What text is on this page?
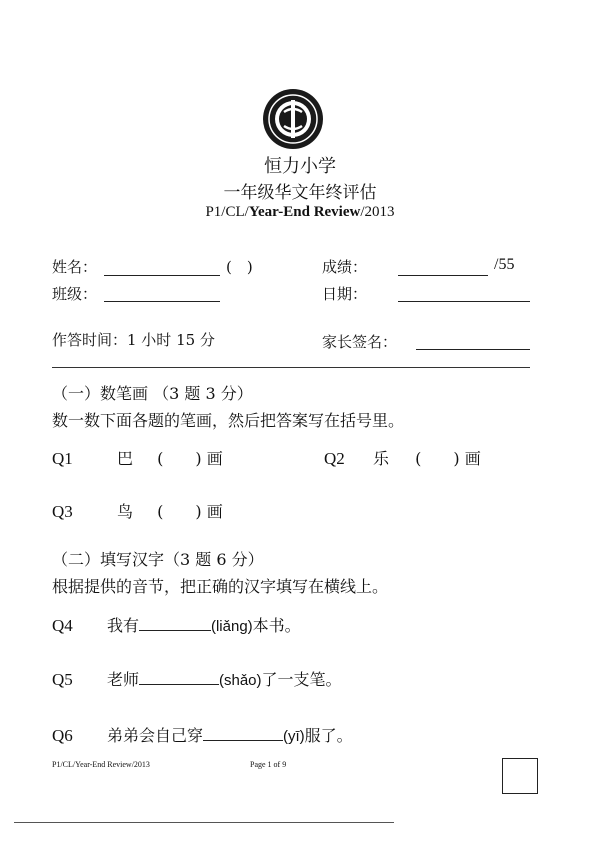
恒力小学
一年级华文年终评估
P1/CL/Year-End Review/2013
姓名：	(　)	成绩：	/55
班级：	日期：
作答时间：1 小时 15 分	家长签名：
（一）数笔画 （3 题 3 分）
数一数下面各题的笔画，然后把答案写在括号里。
Q1	巴 (　　) 画	Q2 乐 (　　) 画
Q3	鸟 (　　) 画
（二）填写汉字（3 题 6 分）
根据提供的音节，把正确的汉字填写在横线上。
Q4 我有	(liǎng)本书。
Q5 老师	(shǎo)了一支笔。
Q6 弟弟会自己穿	(yī)服了。
P1/CL/Year-End Review/2013	Page 1 of 9
